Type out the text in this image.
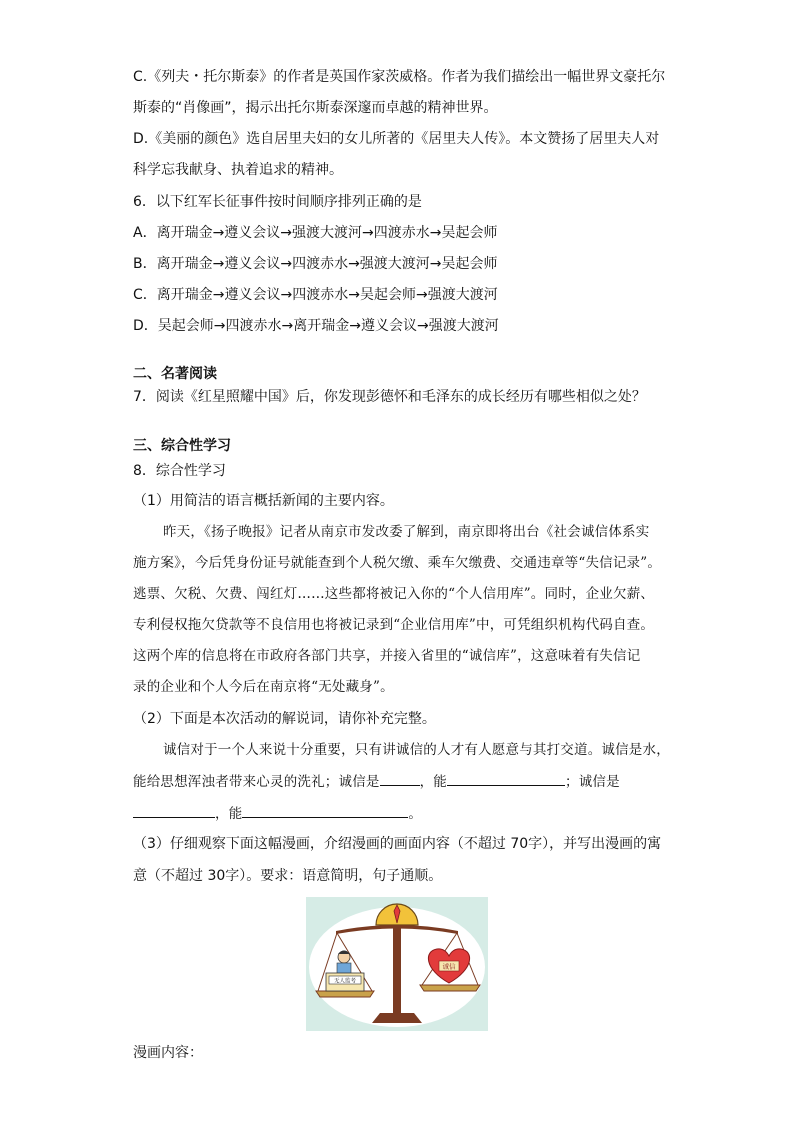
C.《列夫・托尔斯泰》的作者是英国作家茨威格。作者为我们描绘出一幅世界文豪托尔
斯泰的“肖像画”，揭示出托尔斯泰深邃而卓越的精神世界。
D.《美丽的颜色》选自居里夫妇的女儿所著的《居里夫人传》。本文赞扬了居里夫人对
科学忘我献身、执着追求的精神。
6．以下红军长征事件按时间顺序排列正确的是
A．离开瑞金→遵义会议→强渡大渡河→四渡赤水→吴起会师
B．离开瑞金→遵义会议→四渡赤水→强渡大渡河→吴起会师
C．离开瑞金→遵义会议→四渡赤水→吴起会师→强渡大渡河
D．吴起会师→四渡赤水→离开瑞金→遵义会议→强渡大渡河
二、名著阅读
7．阅读《红星照耀中国》后，你发现彭德怀和毛泽东的成长经历有哪些相似之处？
三、综合性学习
8．综合性学习
（1）用简洁的语言概括新闻的主要内容。
昨天，《扬子晚报》记者从南京市发改委了解到，南京即将出台《社会诚信体系实
施方案》，今后凭身份证号就能查到个人税欠缴、乘车欠缴费、交通违章等“失信记录”。
逃票、欠税、欠费、闯红灯……这些都将被记入你的“个人信用库”。同时，企业欠薪、
专利侵权拖欠贷款等不良信用也将被记录到“企业信用库”中，可凭组织机构代码自查。
这两个库的信息将在市政府各部门共享，并接入省里的“诚信库”，这意味着有失信记
录的企业和个人今后在南京将“无处藏身”。
（2）下面是本次活动的解说词，请你补充完整。
诚信对于一个人来说十分重要，只有讲诚信的人才有人愿意与其打交道。诚信是水，
能给思想浑浊者带来心灵的洗礼；诚信是	，能	；诚信是
，能	。
（3）仔细观察下面这幅漫画，介绍漫画的画面内容（不超过 70字），并写出漫画的寓
意（不超过 30字）。要求：语意简明，句子通顺。
无人监考
诚信
漫画内容：
